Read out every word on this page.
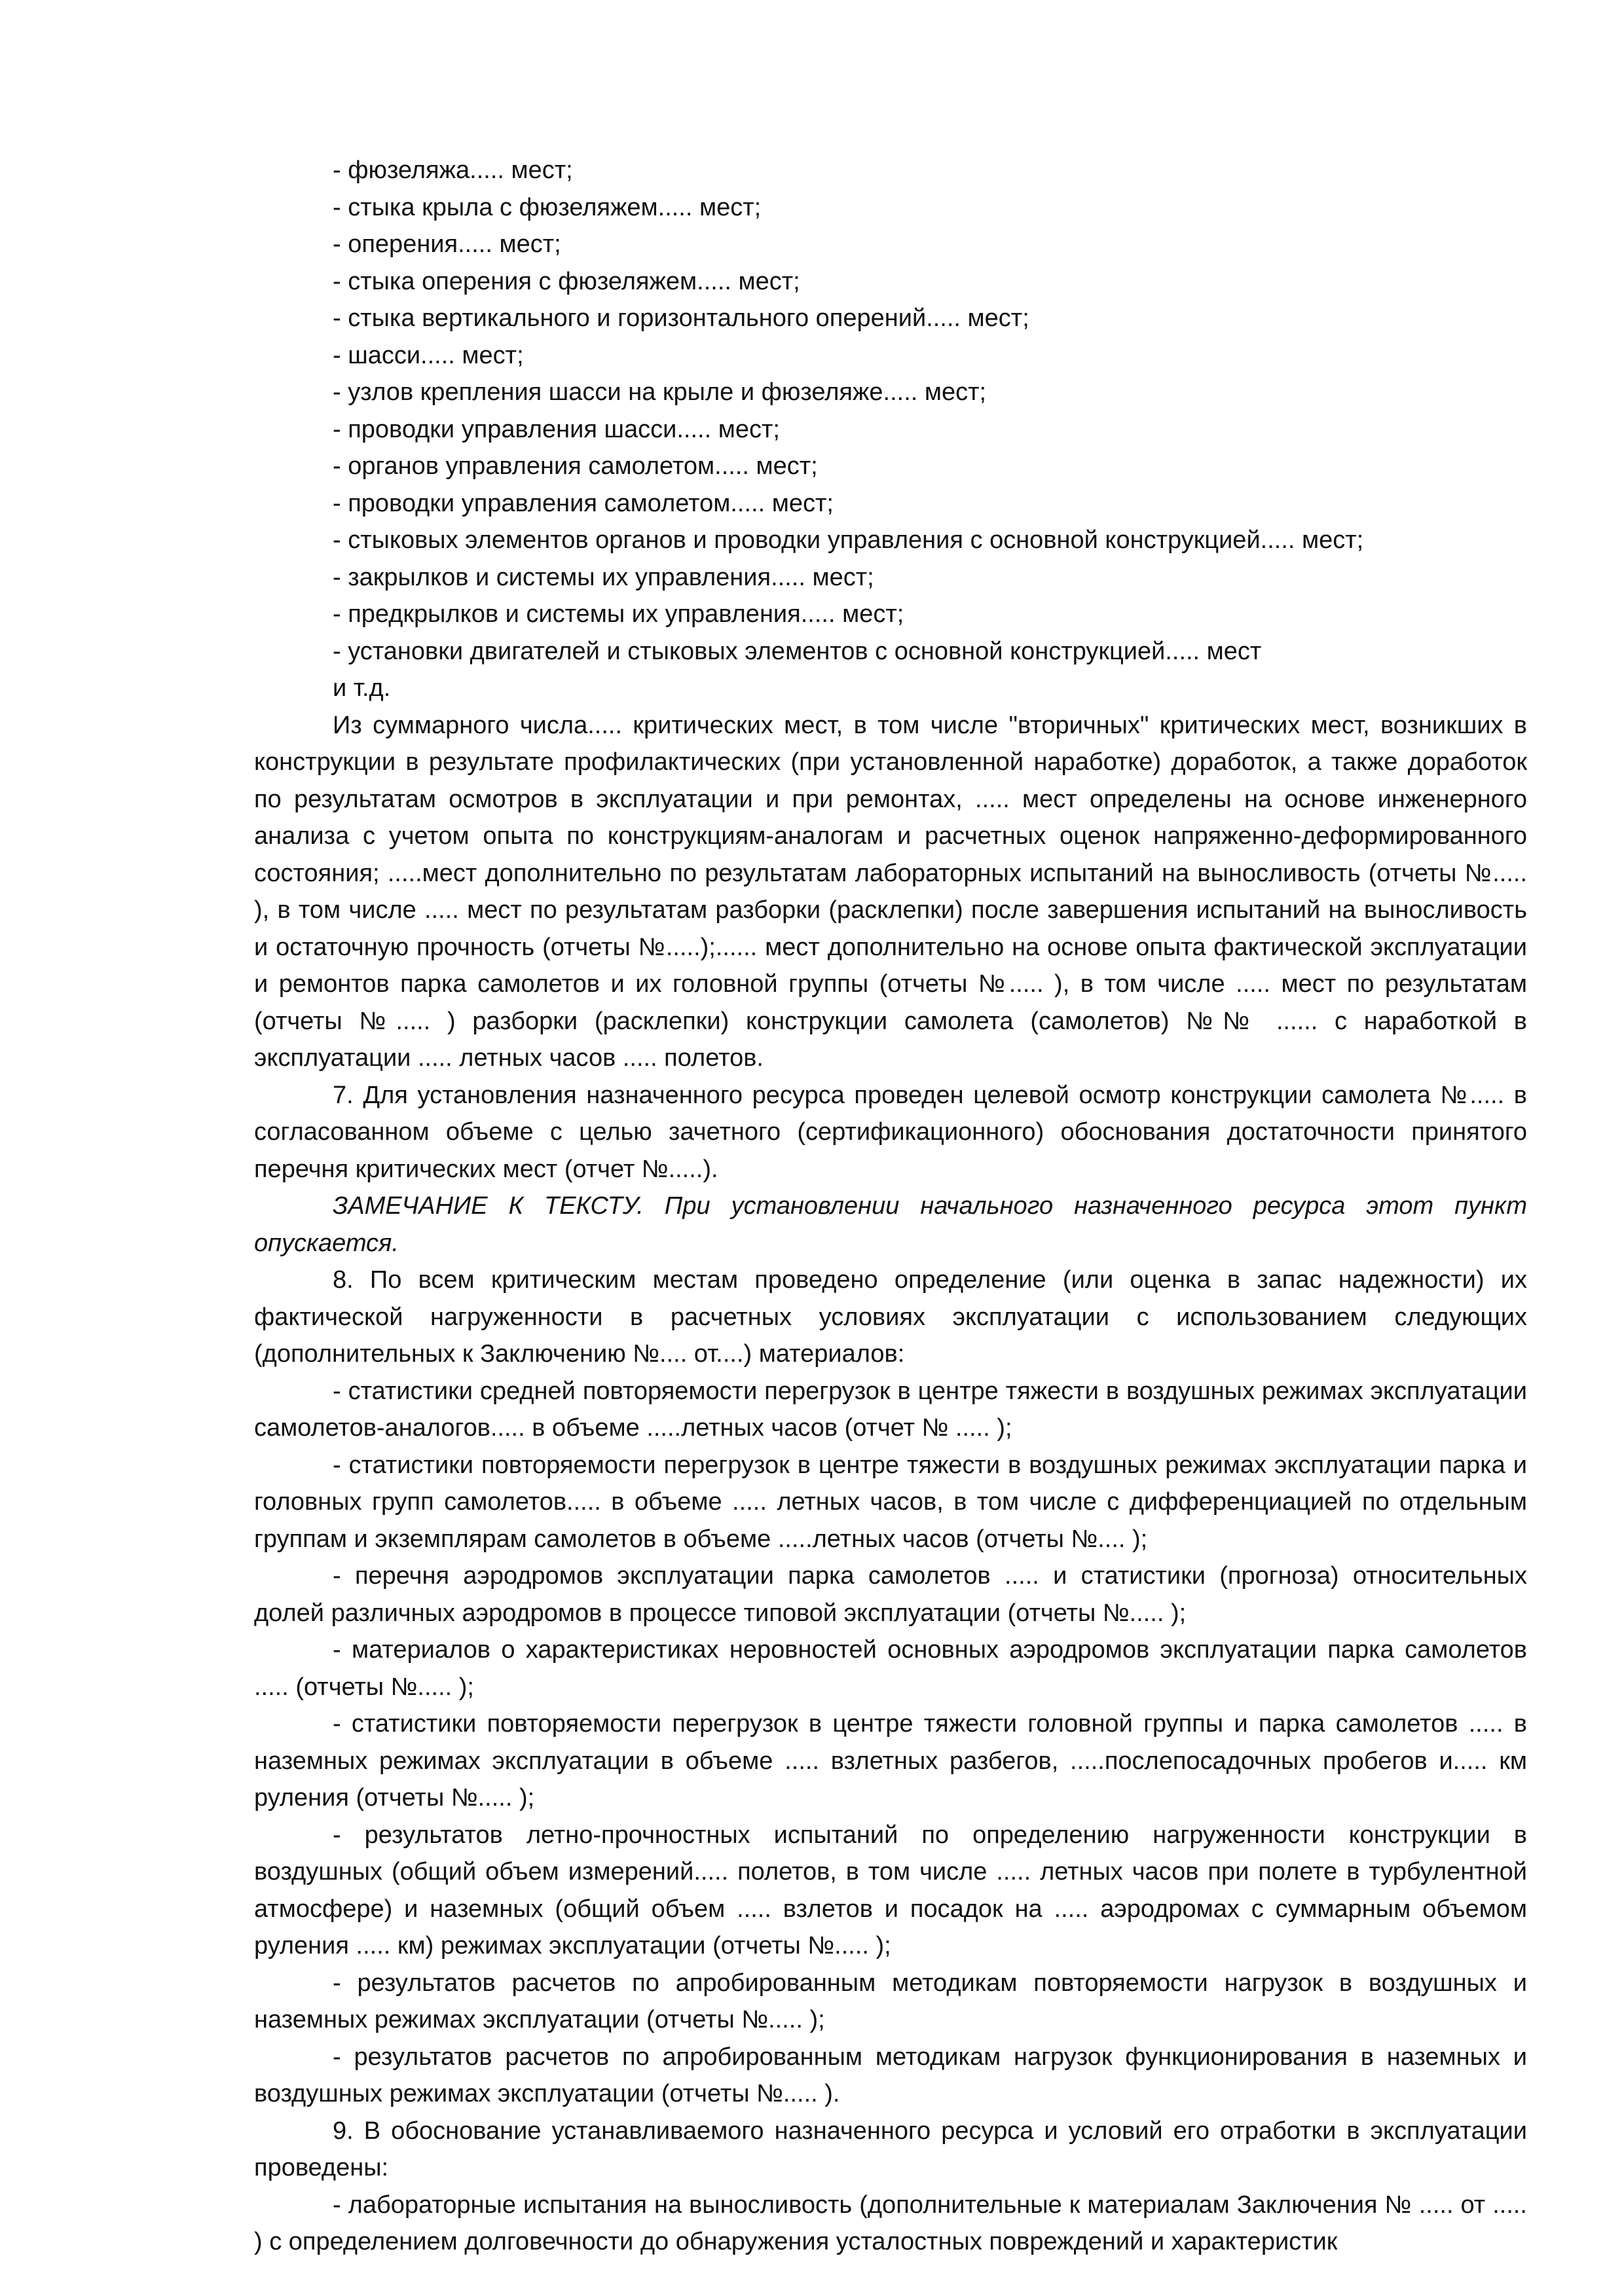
- фюзеляжа..... мест;
- стыка крыла с фюзеляжем..... мест;
- оперения..... мест;
- стыка оперения с фюзеляжем..... мест;
- стыка вертикального и горизонтального оперений..... мест;
- шасси..... мест;
- узлов крепления шасси на крыле и фюзеляже..... мест;
- проводки управления шасси..... мест;
- органов управления самолетом..... мест;
- проводки управления самолетом..... мест;
- стыковых элементов органов и проводки управления с основной конструкцией..... мест;
- закрылков и системы их управления..... мест;
- предкрылков и системы их управления..... мест;
- установки двигателей и стыковых элементов с основной конструкцией..... мест
и т.д.

Из суммарного числа..... критических мест, в том числе "вторичных" критических мест, возникших в конструкции в результате профилактических (при установленной наработке) доработок, а также доработок по результатам осмотров в эксплуатации и при ремонтах, ..... мест определены на основе инженерного анализа с учетом опыта по конструкциям-аналогам и расчетных оценок напряженно-деформированного состояния; .....мест дополнительно по результатам лабораторных испытаний на выносливость (отчеты №..... ), в том числе ..... мест по результатам разборки (расклепки) после завершения испытаний на выносливость и остаточную прочность (отчеты №.....);...... мест дополнительно на основе опыта фактической эксплуатации и ремонтов парка самолетов и их головной группы (отчеты №..... ), в том числе ..... мест по результатам (отчеты №..... ) разборки (расклепки) конструкции самолета (самолетов) №№ ...... с наработкой в эксплуатации ..... летных часов ..... полетов.

7. Для установления назначенного ресурса проведен целевой осмотр конструкции самолета №..... в согласованном объеме с целью зачетного (сертификационного) обоснования достаточности принятого перечня критических мест (отчет №.....).

ЗАМЕЧАНИЕ К ТЕКСТУ. При установлении начального назначенного ресурса этот пункт опускается.

8. По всем критическим местам проведено определение (или оценка в запас надежности) их фактической нагруженности в расчетных условиях эксплуатации с использованием следующих (дополнительных к Заключению №.... от....) материалов:

- статистики средней повторяемости перегрузок в центре тяжести в воздушных режимах эксплуатации самолетов-аналогов..... в объеме .....летных часов (отчет № ..... );

- статистики повторяемости перегрузок в центре тяжести в воздушных режимах эксплуатации парка и головных групп самолетов..... в объеме ..... летных часов, в том числе с дифференциацией по отдельным группам и экземплярам самолетов в объеме .....летных часов (отчеты №.... );

- перечня аэродромов эксплуатации парка самолетов ..... и статистики (прогноза) относительных долей различных аэродромов в процессе типовой эксплуатации (отчеты №..... );

- материалов о характеристиках неровностей основных аэродромов эксплуатации парка самолетов ..... (отчеты №..... );

- статистики повторяемости перегрузок в центре тяжести головной группы и парка самолетов ..... в наземных режимах эксплуатации в объеме ..... взлетных разбегов, .....послепосадочных пробегов и..... км руления (отчеты №..... );

- результатов летно-прочностных испытаний по определению нагруженности конструкции в воздушных (общий объем измерений..... полетов, в том числе ..... летных часов при полете в турбулентной атмосфере) и наземных (общий объем ..... взлетов и посадок на ..... аэродромах с суммарным объемом руления ..... км) режимах эксплуатации (отчеты №..... );

- результатов расчетов по апробированным методикам повторяемости нагрузок в воздушных и наземных режимах эксплуатации (отчеты №..... );

- результатов расчетов по апробированным методикам нагрузок функционирования в наземных и воздушных режимах эксплуатации (отчеты №..... ).

9. В обоснование устанавливаемого назначенного ресурса и условий его отработки в эксплуатации проведены:

- лабораторные испытания на выносливость (дополнительные к материалам Заключения № ..... от ..... ) с определением долговечности до обнаружения усталостных повреждений и характеристик
